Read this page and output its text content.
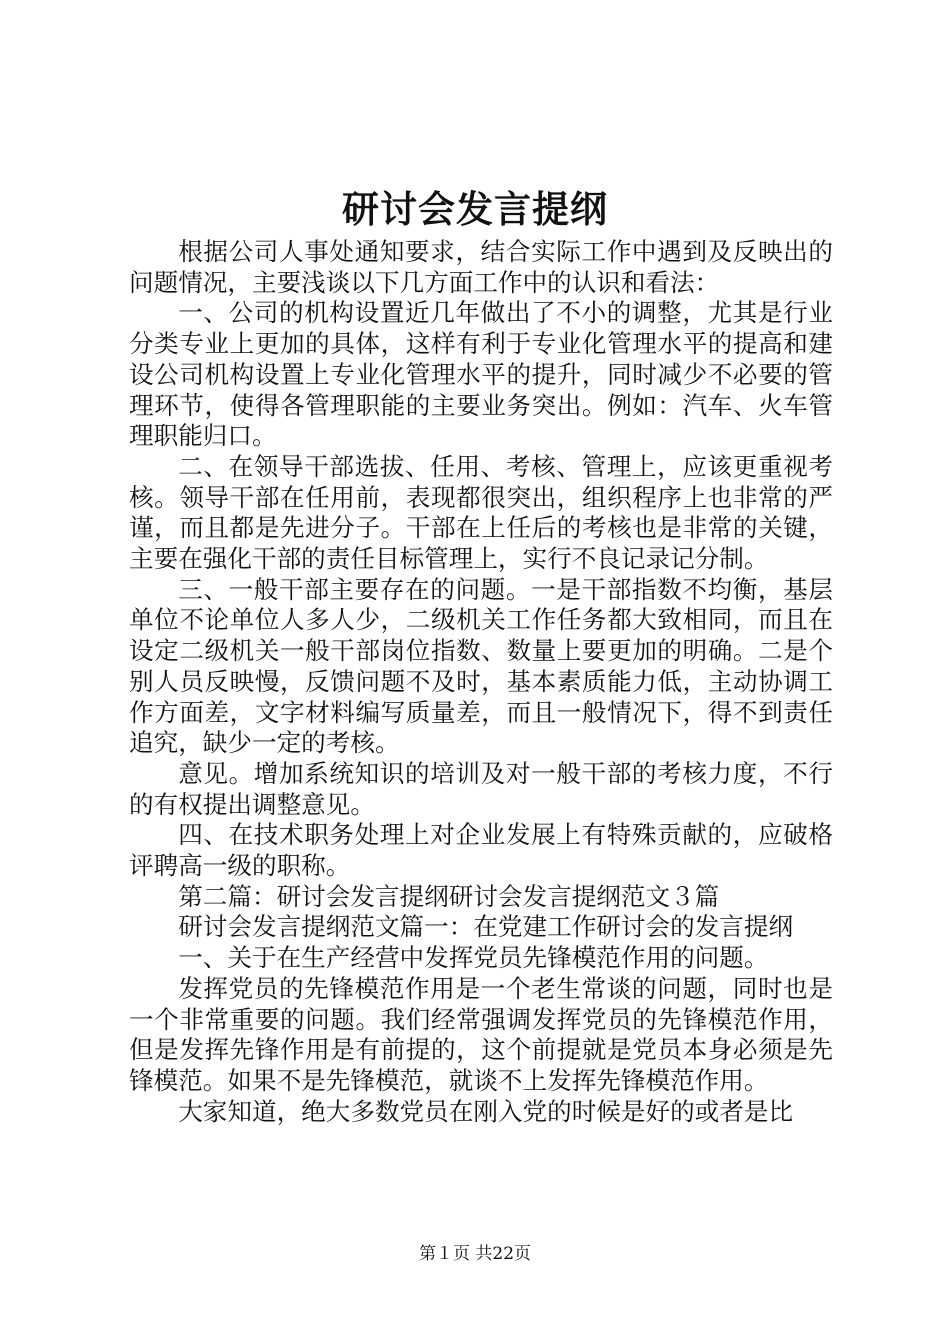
研讨会发言提纲

根据公司人事处通知要求，结合实际工作中遇到及反映出的问题情况，主要浅谈以下几方面工作中的认识和看法：

一、公司的机构设置近几年做出了不小的调整，尤其是行业分类专业上更加的具体，这样有利于专业化管理水平的提高和建设公司机构设置上专业化管理水平的提升，同时减少不必要的管理环节，使得各管理职能的主要业务突出。例如：汽车、火车管理职能归口。

二、在领导干部选拔、任用、考核、管理上，应该更重视考核。领导干部在任用前，表现都很突出，组织程序上也非常的严谨，而且都是先进分子。干部在上任后的考核也是非常的关键，主要在强化干部的责任目标管理上，实行不良记录记分制。

三、一般干部主要存在的问题。一是干部指数不均衡，基层单位不论单位人多人少，二级机关工作任务都大致相同，而且在设定二级机关一般干部岗位指数、数量上要更加的明确。二是个别人员反映慢，反馈问题不及时，基本素质能力低，主动协调工作方面差，文字材料编写质量差，而且一般情况下，得不到责任追究，缺少一定的考核。

意见。增加系统知识的培训及对一般干部的考核力度，不行的有权提出调整意见。

四、在技术职务处理上对企业发展上有特殊贡献的，应破格评聘高一级的职称。

第二篇：研讨会发言提纲研讨会发言提纲范文３篇

研讨会发言提纲范文篇一：在党建工作研讨会的发言提纲

一、关于在生产经营中发挥党员先锋模范作用的问题。

发挥党员的先锋模范作用是一个老生常谈的问题，同时也是一个非常重要的问题。我们经常强调发挥党员的先锋模范作用，但是发挥先锋作用是有前提的，这个前提就是党员本身必须是先锋模范。如果不是先锋模范，就谈不上发挥先锋模范作用。

大家知道，绝大多数党员在刚入党的时候是好的或者是比

第１页 共22页
